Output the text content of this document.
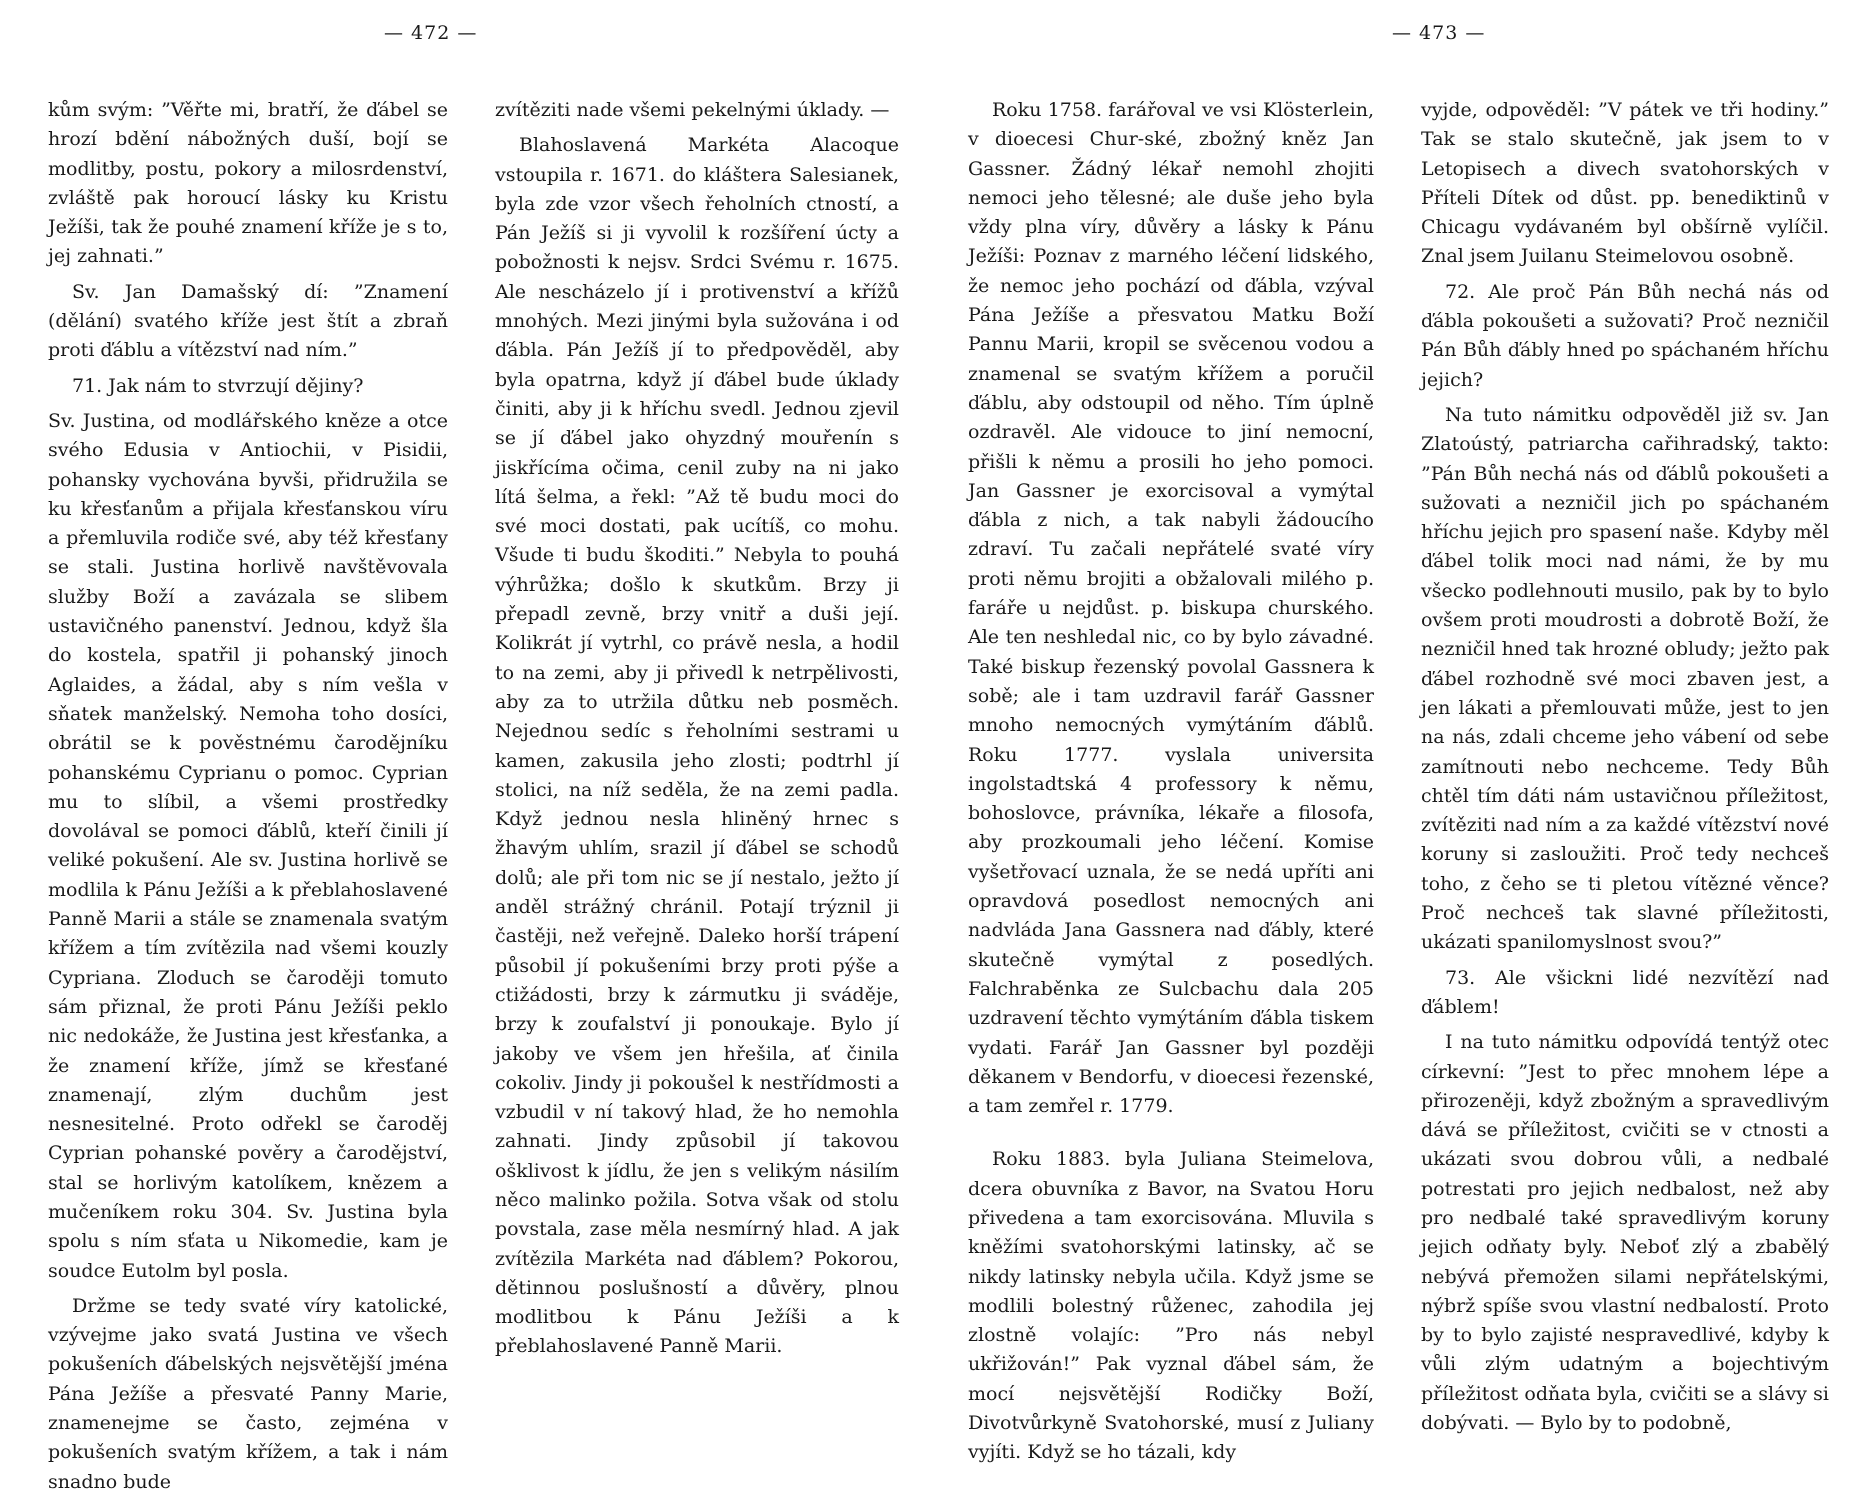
— 472 —	— 473 —

kům svým: ”Věřte mi, bratří, že ďábel se hrozí bdění nábožných duší, bojí se modlitby, postu, pokory a milosrdenství, zvláště pak horoucí lásky ku Kristu Ježíši, tak že pouhé znamení kříže je s to, jej zahnati.”

Sv. Jan Damašský dí: ”Znamení (dělání) svatého kříže jest štít a zbraň proti ďáblu a vítězství nad ním.”

71. Jak nám to stvrzují dějiny?

Sv. Justina, od modlářského kněze a otce svého Edusia v Antiochii, v Pisidii, pohansky vychována byvši, přidružila se ku křesťanům a přijala křesťanskou víru a přemluvila rodiče své, aby též křesťany se stali. Justina horlivě navštěvovala služby Boží a zavázala se slibem ustavičného panenství. Jednou, když šla do kostela, spatřil ji pohanský jinoch Aglaides, a žádal, aby s ním vešla v sňatek manželský. Nemoha toho dosíci, obrátil se k pověstnému čarodějníku pohanskému Cyprianu o pomoc. Cyprian mu to slíbil, a všemi prostředky dovolával se pomoci ďáblů, kteří činili jí veliké pokušení. Ale sv. Justina horlivě se modlila k Pánu Ježíši a k přeblahoslavené Panně Marii a stále se znamenala svatým křížem a tím zvítězila nad všemi kouzly Cypriana. Zloduch se čaroději tomuto sám přiznal, že proti Pánu Ježíši peklo nic nedokáže, že Justina jest křesťanka, a že znamení kříže, jímž se křesťané znamenají, zlým duchům jest nesnesitelné. Proto odřekl se čaroděj Cyprian pohanské pověry a čarodějství, stal se horlivým katolíkem, knězem a mučeníkem roku 304. Sv. Justina byla spolu s ním sťata u Nikomedie, kam je soudce Eutolm byl posla.

Držme se tedy svaté víry katolické, vzývejme jako svatá Justina ve všech pokušeních ďábelských nejsvětější jména Pána Ježíše a přesvaté Panny Marie, znamenejme se často, zejména v pokušeních svatým křížem, a tak i nám snadno bude

zvítěziti nade všemi pekelnými úklady. —

Blahoslavená Markéta Alacoque vstoupila r. 1671. do kláštera Salesianek, byla zde vzor všech řeholních ctností, a Pán Ježíš si ji vyvolil k rozšíření úcty a pobožnosti k nejsv. Srdci Svému r. 1675. Ale nescházelo jí i protivenství a křížů mnohých. Mezi jinými byla sužována i od ďábla. Pán Ježíš jí to předpověděl, aby byla opatrna, když jí ďábel bude úklady činiti, aby ji k hříchu svedl. Jednou zjevil se jí ďábel jako ohyzdný mouřenín s jiskřícíma očima, cenil zuby na ni jako lítá šelma, a řekl: ”Až tě budu moci do své moci dostati, pak ucítíš, co mohu. Všude ti budu škoditi.” Nebyla to pouhá výhrůžka; došlo k skutkům. Brzy ji přepadl zevně, brzy vnitř a duši její. Kolikrát jí vytrhl, co právě nesla, a hodil to na zemi, aby ji přivedl k netrpělivosti, aby za to utržila důtku neb posměch. Nejednou sedíc s řeholními sestrami u kamen, zakusila jeho zlosti; podtrhl jí stolici, na níž seděla, že na zemi padla. Když jednou nesla hliněný hrnec s žhavým uhlím, srazil jí ďábel se schodů dolů; ale při tom nic se jí nestalo, ježto jí anděl strážný chránil. Potají trýznil ji častěji, než veřejně. Daleko horší trápení působil jí pokušeními brzy proti pýše a ctižádosti, brzy k zármutku ji sváděje, brzy k zoufalství ji ponoukaje. Bylo jí jakoby ve všem jen hřešila, ať činila cokoliv. Jindy ji pokoušel k nestřídmosti a vzbudil v ní takový hlad, že ho nemohla zahnati. Jindy způsobil jí takovou ošklivost k jídlu, že jen s velikým násilím něco malinko požila. Sotva však od stolu povstala, zase měla nesmírný hlad. A jak zvítězila Markéta nad ďáblem? Pokorou, dětinnou poslušností a důvěry, plnou modlitbou k Pánu Ježíši a k přeblahoslavené Panně Marii.

Roku 1758. farářoval ve vsi Klösterlein, v dioecesi Chur-ské, zbožný kněz Jan Gassner. Žádný lékař nemohl zhojiti nemoci jeho tělesné; ale duše jeho byla vždy plna víry, důvěry a lásky k Pánu Ježíši: Poznav z marného léčení lidského, že nemoc jeho pochází od ďábla, vzýval Pána Ježíše a přesvatou Matku Boží Pannu Marii, kropil se svěcenou vodou a znamenal se svatým křížem a poručil ďáblu, aby odstoupil od něho. Tím úplně ozdravěl. Ale vidouce to jiní nemocní, přišli k němu a prosili ho jeho pomoci. Jan Gassner je exorcisoval a vymýtal ďábla z nich, a tak nabyli žádoucího zdraví. Tu začali nepřátelé svaté víry proti němu brojiti a obžalovali milého p. faráře u nejdůst. p. biskupa churského. Ale ten neshledal nic, co by bylo závadné. Také biskup řezenský povolal Gassnera k sobě; ale i tam uzdravil farář Gassner mnoho nemocných vymýtáním ďáblů. Roku 1777. vyslala universita ingolstadtská 4 professory k němu, bohoslovce, právníka, lékaře a filosofa, aby prozkoumali jeho léčení. Komise vyšetřovací uznala, že se nedá upříti ani opravdová posedlost nemocných ani nadvláda Jana Gassnera nad ďábly, které skutečně vymýtal z posedlých. Falchraběnka ze Sulcbachu dala 205 uzdravení těchto vymýtáním ďábla tiskem vydati. Farář Jan Gassner byl později děkanem v Bendorfu, v dioecesi řezenské, a tam zemřel r. 1779.

Roku 1883. byla Juliana Steimelova, dcera obuvníka z Bavor, na Svatou Horu přivedena a tam exorcisována. Mluvila s kněžími svatohorskými latinsky, ač se nikdy latinsky nebyla učila. Když jsme se modlili bolestný růženec, zahodila jej zlostně volajíc: ”Pro nás nebyl ukřižován!” Pak vyznal ďábel sám, že mocí nejsvětější Rodičky Boží, Divotvůrkyně Svatohorské, musí z Juliany vyjíti. Když se ho tázali, kdy

vyjde, odpověděl: ”V pátek ve tři hodiny.” Tak se stalo skutečně, jak jsem to v Letopisech a divech svatohorských v Příteli Dítek od důst. pp. benediktinů v Chicagu vydávaném byl obšírně vylíčil. Znal jsem Juilanu Steimelovou osobně.

72. Ale proč Pán Bůh nechá nás od ďábla pokoušeti a sužovati? Proč nezničil Pán Bůh ďábly hned po spáchaném hříchu jejich?

Na tuto námitku odpověděl již sv. Jan Zlatoústý, patriarcha cařihradský, takto: ”Pán Bůh nechá nás od ďáblů pokoušeti a sužovati a nezničil jich po spáchaném hříchu jejich pro spasení naše. Kdyby měl ďábel tolik moci nad námi, že by mu všecko podlehnouti musilo, pak by to bylo ovšem proti moudrosti a dobrotě Boží, že nezničil hned tak hrozné obludy; ježto pak ďábel rozhodně své moci zbaven jest, a jen lákati a přemlouvati může, jest to jen na nás, zdali chceme jeho vábení od sebe zamítnouti nebo nechceme. Tedy Bůh chtěl tím dáti nám ustavičnou příležitost, zvítěziti nad ním a za každé vítězství nové koruny si zasloužiti. Proč tedy nechceš toho, z čeho se ti pletou vítězné věnce? Proč nechceš tak slavné příležitosti, ukázati spanilomyslnost svou?”

73. Ale všickni lidé nezvítězí nad ďáblem!

I na tuto námitku odpovídá tentýž otec církevní: ”Jest to přec mnohem lépe a přirozeněji, když zbožným a spravedlivým dává se příležitost, cvičiti se v ctnosti a ukázati svou dobrou vůli, a nedbalé potrestati pro jejich nedbalost, než aby pro nedbalé také spravedlivým koruny jejich odňaty byly. Neboť zlý a zbabělý nebývá přemožen silami nepřátelskými, nýbrž spíše svou vlastní nedbalostí. Proto by to bylo zajisté nespravedlivé, kdyby k vůli zlým udatným a bojechtivým příležitost odňata byla, cvičiti se a slávy si dobývati. — Bylo by to podobně,
